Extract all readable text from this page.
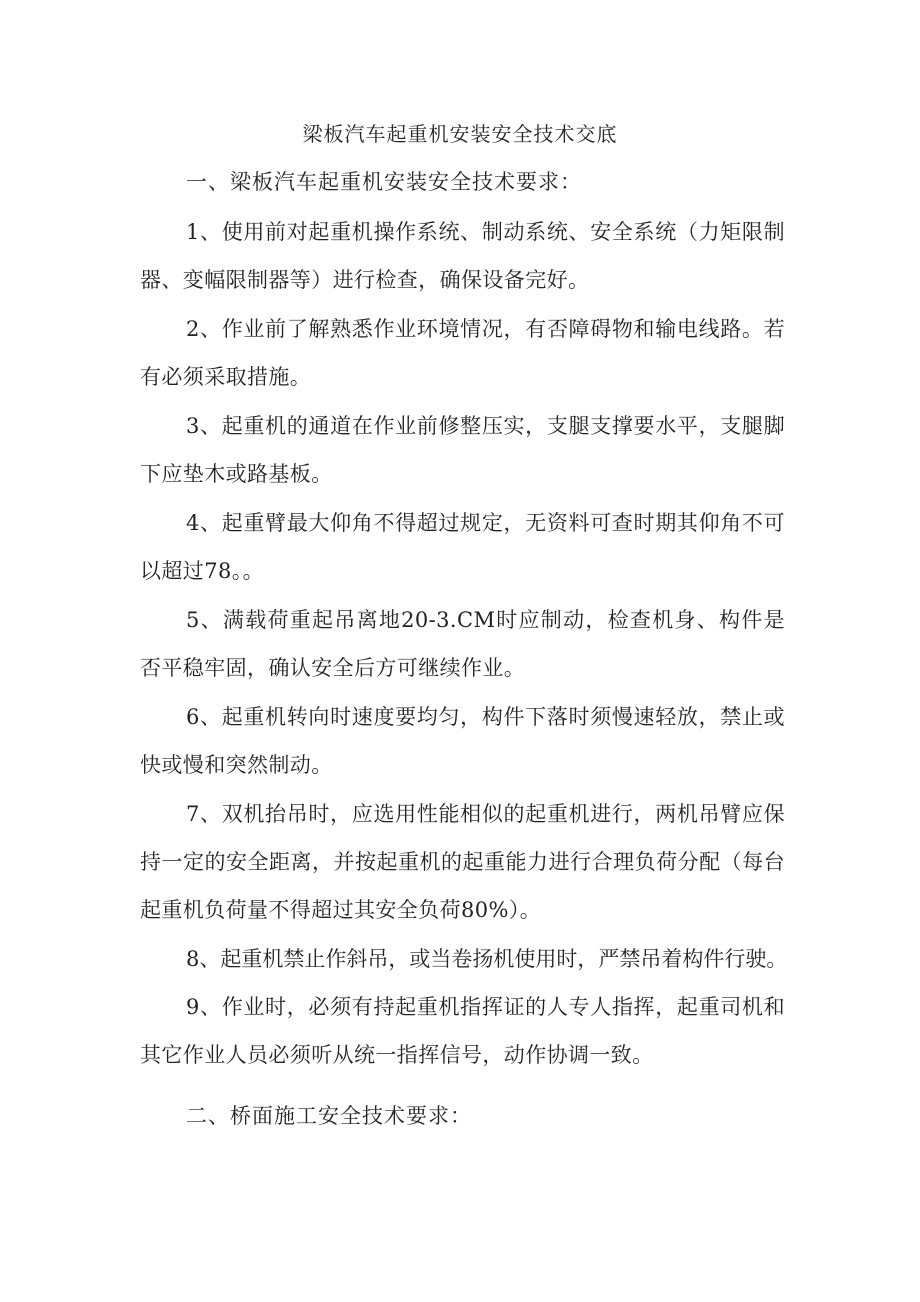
梁板汽车起重机安装安全技术交底
一、梁板汽车起重机安装安全技术要求：

1、使用前对起重机操作系统、制动系统、安全系统（力矩限制器、变幅限制器等）进行检查，确保设备完好。

2、作业前了解熟悉作业环境情况，有否障碍物和输电线路。若有必须采取措施。

3、起重机的通道在作业前修整压实，支腿支撑要水平，支腿脚下应垫木或路基板。

4、起重臂最大仰角不得超过规定，无资料可查时期其仰角不可以超过78。。

5、满载荷重起吊离地20-3.CM时应制动，检查机身、构件是否平稳牢固，确认安全后方可继续作业。

6、起重机转向时速度要均匀，构件下落时须慢速轻放，禁止或快或慢和突然制动。

7、双机抬吊时，应选用性能相似的起重机进行，两机吊臂应保持一定的安全距离，并按起重机的起重能力进行合理负荷分配（每台起重机负荷量不得超过其安全负荷80%）。

8、起重机禁止作斜吊，或当卷扬机使用时，严禁吊着构件行驶。

9、作业时，必须有持起重机指挥证的人专人指挥，起重司机和其它作业人员必须听从统一指挥信号，动作协调一致。

二、桥面施工安全技术要求：
